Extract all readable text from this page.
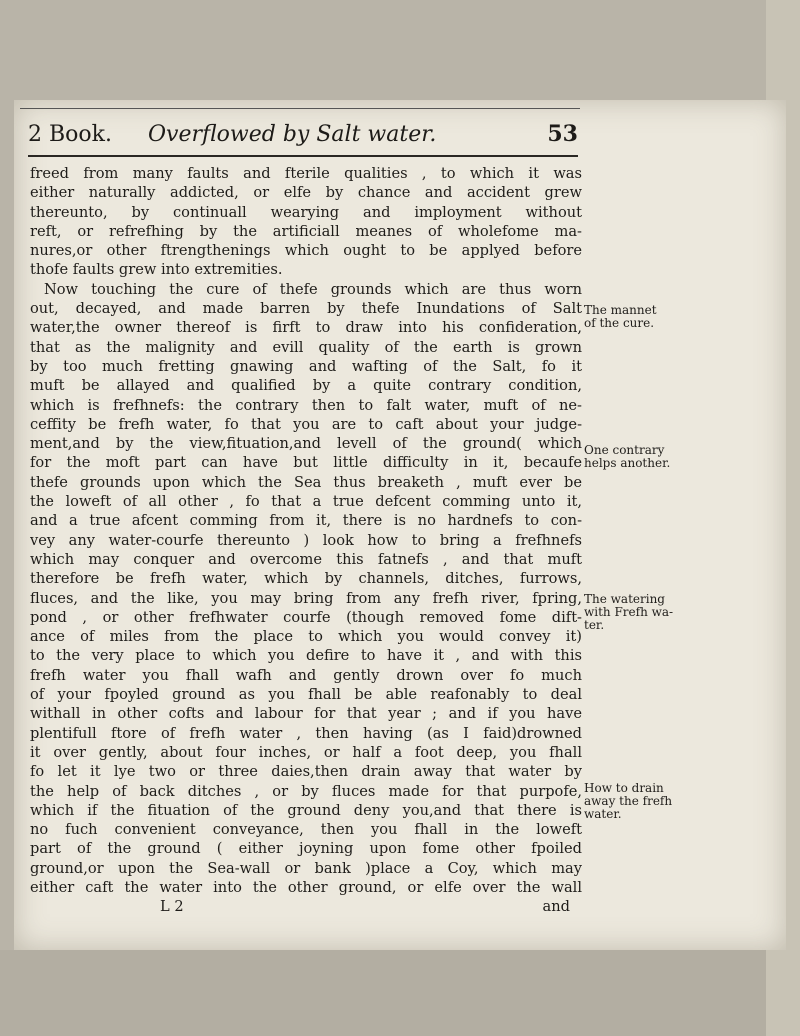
2 Book.	Overflowed by Salt water.	53
freed from many faults and fterile qualities , to which it was
either naturally addicted, or elfe by chance and accident grew
thereunto, by continuall wearying and imployment without
reft, or refrefhing by the artificiall meanes of wholefome ma-
nures,or other ftrengthenings which ought to be applyed before
thofe faults grew into extremities.
Now touching the cure of thefe grounds which are thus worn
out, decayed, and made barren by thefe Inundations of Salt
water,the owner thereof is firft to draw into his confideration,
that as the malignity and evill quality of the earth is grown
by too much fretting gnawing and wafting of the Salt, fo it
muft be allayed and qualified by a quite contrary condition,
which is frefhnefs: the contrary then to falt water, muft of ne-
ceffity be frefh water, fo that you are to caft about your judge-
ment,and by the view,fituation,and levell of the ground( which
for the moft part can have but little difficulty in it, becaufe
thefe grounds upon which the Sea thus breaketh , muft ever be
the loweft of all other , fo that a true defcent comming unto it,
and a true afcent comming from it, there is no hardnefs to con-
vey any water-courfe thereunto ) look how to bring a frefhnefs
which may conquer and overcome this fatnefs , and that muft
therefore be frefh water, which by channels, ditches, furrows,
fluces, and the like, you may bring from any frefh river, fpring,
pond , or other frefhwater courfe (though removed fome dift-
ance of miles from the place to which you would convey it)
to the very place to which you defire to have it , and with this
frefh water you fhall wafh and gently drown over fo much
of your fpoyled ground as you fhall be able reafonably to deal
withall in other cofts and labour for that year ; and if you have
plentifull ftore of frefh water , then having (as I faid)drowned
it over gently, about four inches, or half a foot deep, you fhall
fo let it lye two or three daies,then drain away that water by
the help of back ditches , or by fluces made for that purpofe,
which if the fituation of the ground deny you,and that there is
no fuch convenient conveyance, then you fhall in the loweft
part of the ground ( either joyning upon fome other fpoiled
ground,or upon the Sea-wall or bank )place a Coy, which may
either caft the water into the other ground, or elfe over the wall
L 2	and
The mannet
of the cure.
One contrary
helps another.
The watering
with Frefh wa-
ter.
How to drain
away the frefh
water.
